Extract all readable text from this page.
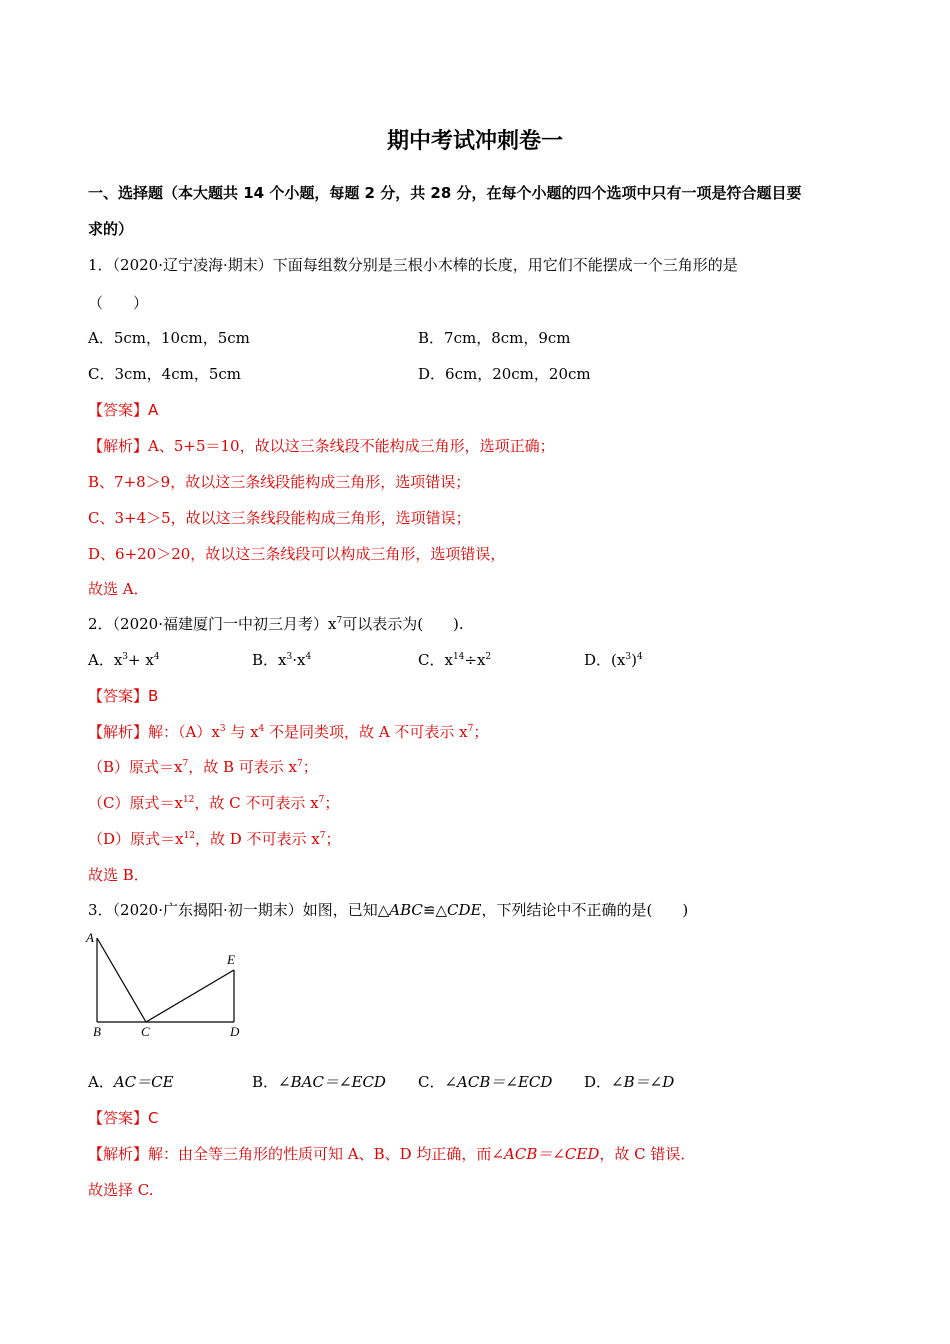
期中考试冲刺卷一
一、选择题（本大题共 14 个小题，每题 2 分，共 28 分，在每个小题的四个选项中只有一项是符合题目要
求的）
1．（2020·辽宁凌海·期末）下面每组数分别是三根小木棒的长度，用它们不能摆成一个三角形的是
（　　）
A．5cm，10cm，5cm	B．7cm，8cm，9cm
C．3cm，4cm，5cm	D．6cm，20cm，20cm
【答案】A
【解析】A、5+5＝10，故以这三条线段不能构成三角形，选项正确；
B、7+8＞9，故以这三条线段能构成三角形，选项错误；
C、3+4＞5，故以这三条线段能构成三角形，选项错误；
D、6+20＞20，故以这三条线段可以构成三角形，选项错误，
故选 A．
2．（2020·福建厦门一中初三月考）$x^7$可以表示为(　　).
A．$x^3+ x^4$	B．$x^3\cdot x^4$	C．$x^{14}\div x^2$	D．$(x^3)^4$
【答案】B
【解析】解：$(A)x^3$ 与 $x^4$ 不是同类项，故 A 不可表示 $x^7$；
（B）原式$=x^7$，故 B 可表示 $x^7$；
（C）原式$=x^{12}$，故 C 不可表示 $x^7$；
（D）原式$=x^{12}$，故 D 不可表示 $x^7$；
故选 B．
3．（2020·广东揭阳·初一期末）如图，已知△ABC≌△CDE，下列结论中不正确的是(　　)
A
B	C	D
E
A．AC＝CE	B．∠BAC＝∠ECD C．∠ACB＝∠ECD D．∠B＝∠D
【答案】C
【解析】解：由全等三角形的性质可知 A、B、D 均正确，而∠ACB＝∠CED，故 C 错误．
故选择 C.
